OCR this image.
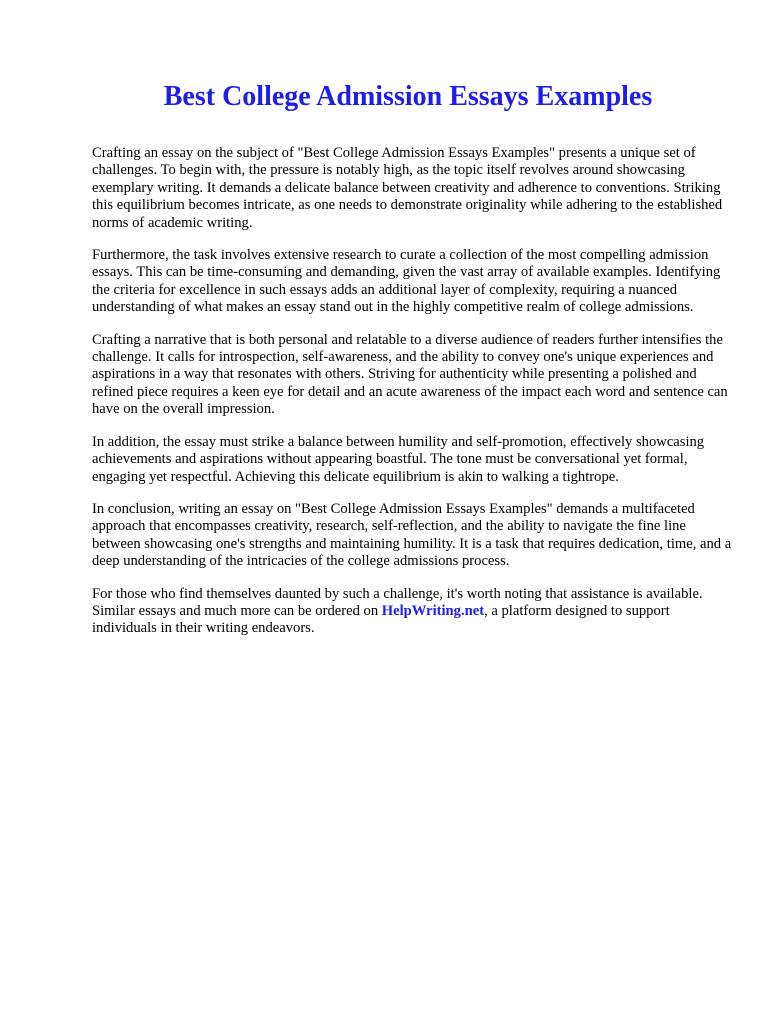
Best College Admission Essays Examples

Crafting an essay on the subject of "Best College Admission Essays Examples" presents a unique set of challenges. To begin with, the pressure is notably high, as the topic itself revolves around showcasing exemplary writing. It demands a delicate balance between creativity and adherence to conventions. Striking this equilibrium becomes intricate, as one needs to demonstrate originality while adhering to the established norms of academic writing.

Furthermore, the task involves extensive research to curate a collection of the most compelling admission essays. This can be time-consuming and demanding, given the vast array of available examples. Identifying the criteria for excellence in such essays adds an additional layer of complexity, requiring a nuanced understanding of what makes an essay stand out in the highly competitive realm of college admissions.

Crafting a narrative that is both personal and relatable to a diverse audience of readers further intensifies the challenge. It calls for introspection, self-awareness, and the ability to convey one's unique experiences and aspirations in a way that resonates with others. Striving for authenticity while presenting a polished and refined piece requires a keen eye for detail and an acute awareness of the impact each word and sentence can have on the overall impression.

In addition, the essay must strike a balance between humility and self-promotion, effectively showcasing achievements and aspirations without appearing boastful. The tone must be conversational yet formal, engaging yet respectful. Achieving this delicate equilibrium is akin to walking a tightrope.

In conclusion, writing an essay on "Best College Admission Essays Examples" demands a multifaceted approach that encompasses creativity, research, self-reflection, and the ability to navigate the fine line between showcasing one's strengths and maintaining humility. It is a task that requires dedication, time, and a deep understanding of the intricacies of the college admissions process.

For those who find themselves daunted by such a challenge, it's worth noting that assistance is available. Similar essays and much more can be ordered on HelpWriting.net, a platform designed to support individuals in their writing endeavors.
